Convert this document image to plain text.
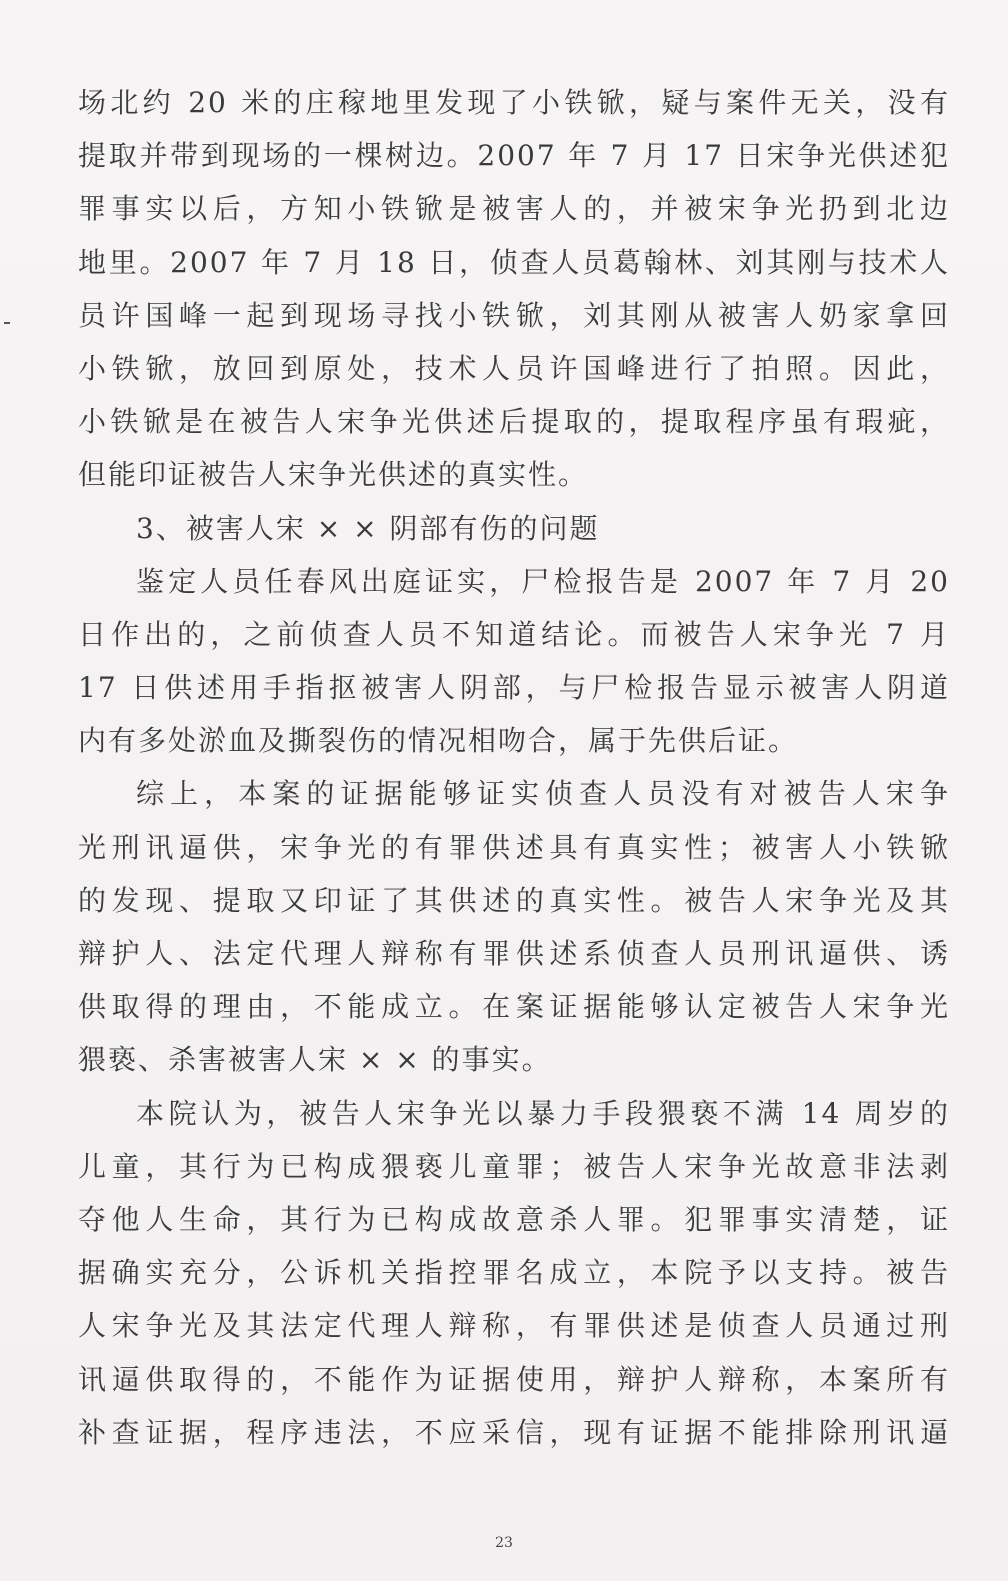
场北约 20 米的庄稼地里发现了小铁锨，疑与案件无关，没有
提取并带到现场的一棵树边。2007 年 7 月 17 日宋争光供述犯
罪事实以后，方知小铁锨是被害人的，并被宋争光扔到北边
地里。2007 年 7 月 18 日，侦查人员葛翰林、刘其刚与技术人
员许国峰一起到现场寻找小铁锨，刘其刚从被害人奶家拿回
小铁锨，放回到原处，技术人员许国峰进行了拍照。因此，
小铁锨是在被告人宋争光供述后提取的，提取程序虽有瑕疵，
但能印证被告人宋争光供述的真实性。
3、被害人宋 × × 阴部有伤的问题
鉴定人员任春风出庭证实，尸检报告是 2007 年 7 月 20
日作出的，之前侦查人员不知道结论。而被告人宋争光 7 月
17 日供述用手指抠被害人阴部，与尸检报告显示被害人阴道
内有多处淤血及撕裂伤的情况相吻合，属于先供后证。
综上，本案的证据能够证实侦查人员没有对被告人宋争
光刑讯逼供，宋争光的有罪供述具有真实性；被害人小铁锨
的发现、提取又印证了其供述的真实性。被告人宋争光及其
辩护人、法定代理人辩称有罪供述系侦查人员刑讯逼供、诱
供取得的理由，不能成立。在案证据能够认定被告人宋争光
猥亵、杀害被害人宋 × × 的事实。
本院认为，被告人宋争光以暴力手段猥亵不满 14 周岁的
儿童，其行为已构成猥亵儿童罪；被告人宋争光故意非法剥
夺他人生命，其行为已构成故意杀人罪。犯罪事实清楚，证
据确实充分，公诉机关指控罪名成立，本院予以支持。被告
人宋争光及其法定代理人辩称，有罪供述是侦查人员通过刑
讯逼供取得的，不能作为证据使用，辩护人辩称，本案所有
补查证据，程序违法，不应采信，现有证据不能排除刑讯逼
23
